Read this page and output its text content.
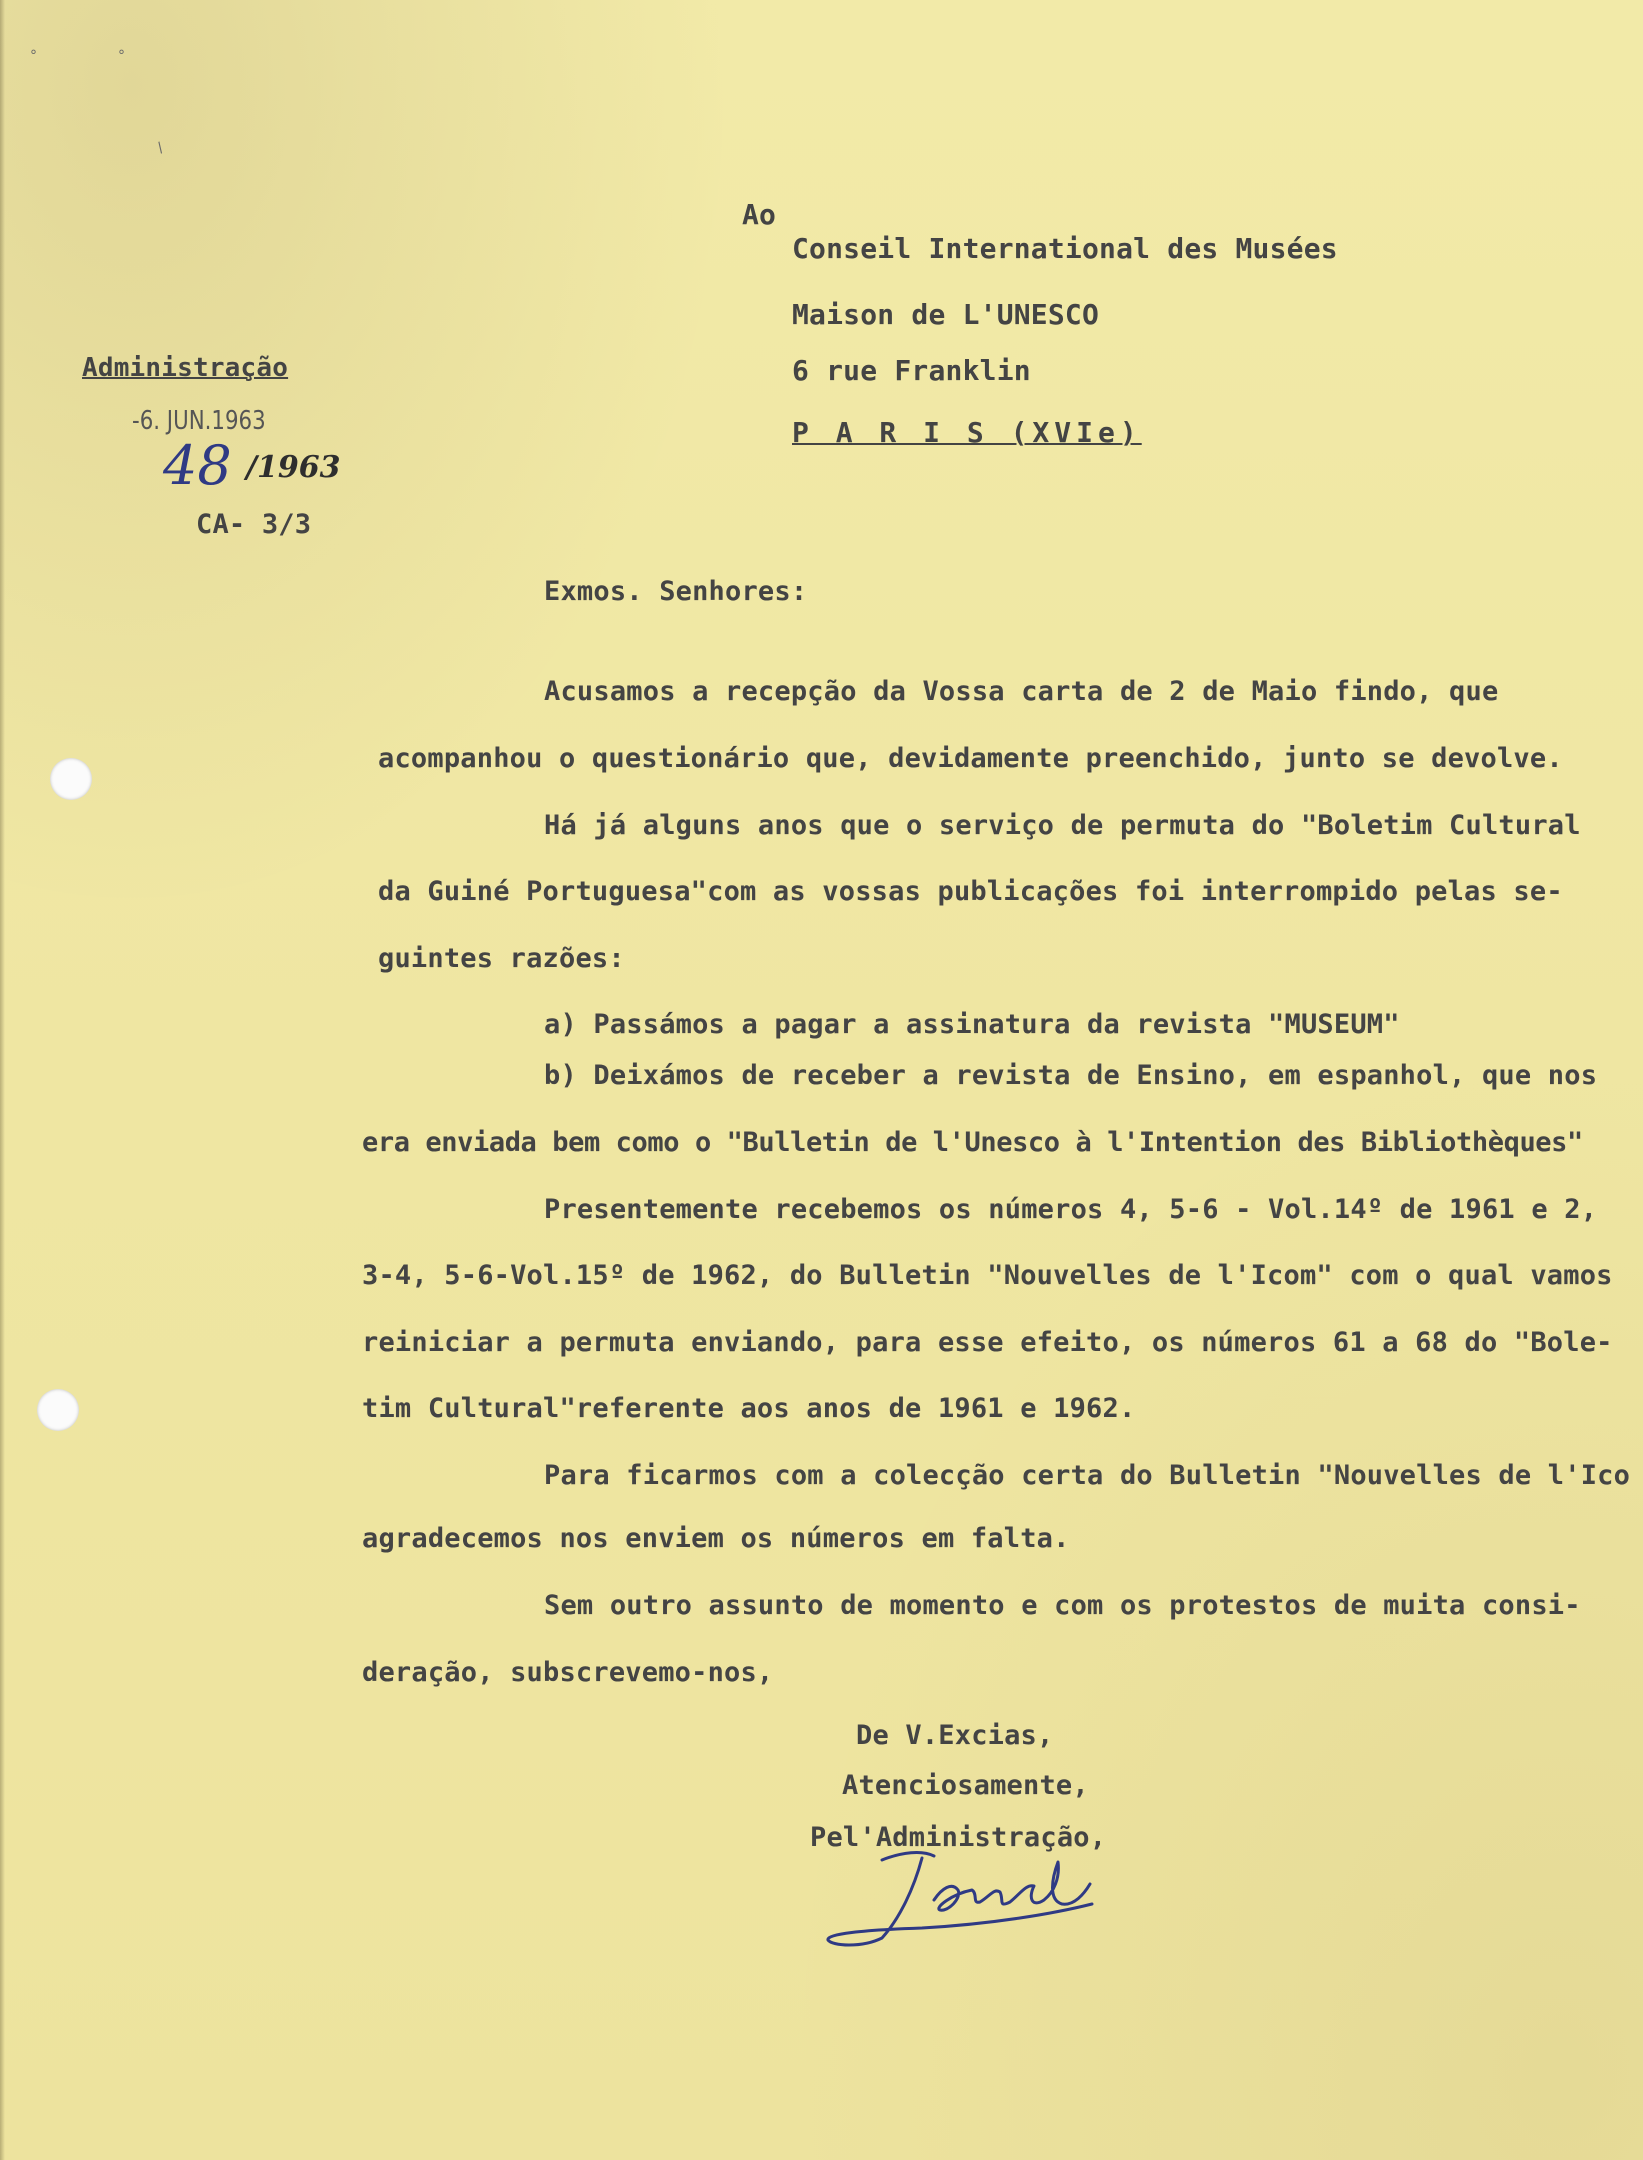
°	°
/
Ao
Conseil International des Musées
Maison de L'UNESCO
6 rue Franklin
P A R I S (XVIe)
Administração
-6. JUN.1963
48 /1963
CA- 3/3
Exmos. Senhores:
Acusamos a recepção da Vossa carta de 2 de Maio findo, que
acompanhou o questionário que, devidamente preenchido, junto se devolve.
Há já alguns anos que o serviço de permuta do "Boletim Cultural
da Guiné Portuguesa"com as vossas publicações foi interrompido pelas se-
guintes razões:
a) Passámos a pagar a assinatura da revista "MUSEUM"
b) Deixámos de receber a revista de Ensino, em espanhol, que nos
era enviada bem como o "Bulletin de l'Unesco à l'Intention des Bibliothèques"
Presentemente recebemos os números 4, 5-6 - Vol.14º de 1961 e 2,
3-4, 5-6-Vol.15º de 1962, do Bulletin "Nouvelles de l'Icom" com o qual vamos
reiniciar a permuta enviando, para esse efeito, os números 61 a 68 do "Bole-
tim Cultural"referente aos anos de 1961 e 1962.
Para ficarmos com a colecção certa do Bulletin "Nouvelles de l'Ico
agradecemos nos enviem os números em falta.
Sem outro assunto de momento e com os protestos de muita consi-
deração, subscrevemo-nos,
De V.Excias,
Atenciosamente,
Pel'Administração,
